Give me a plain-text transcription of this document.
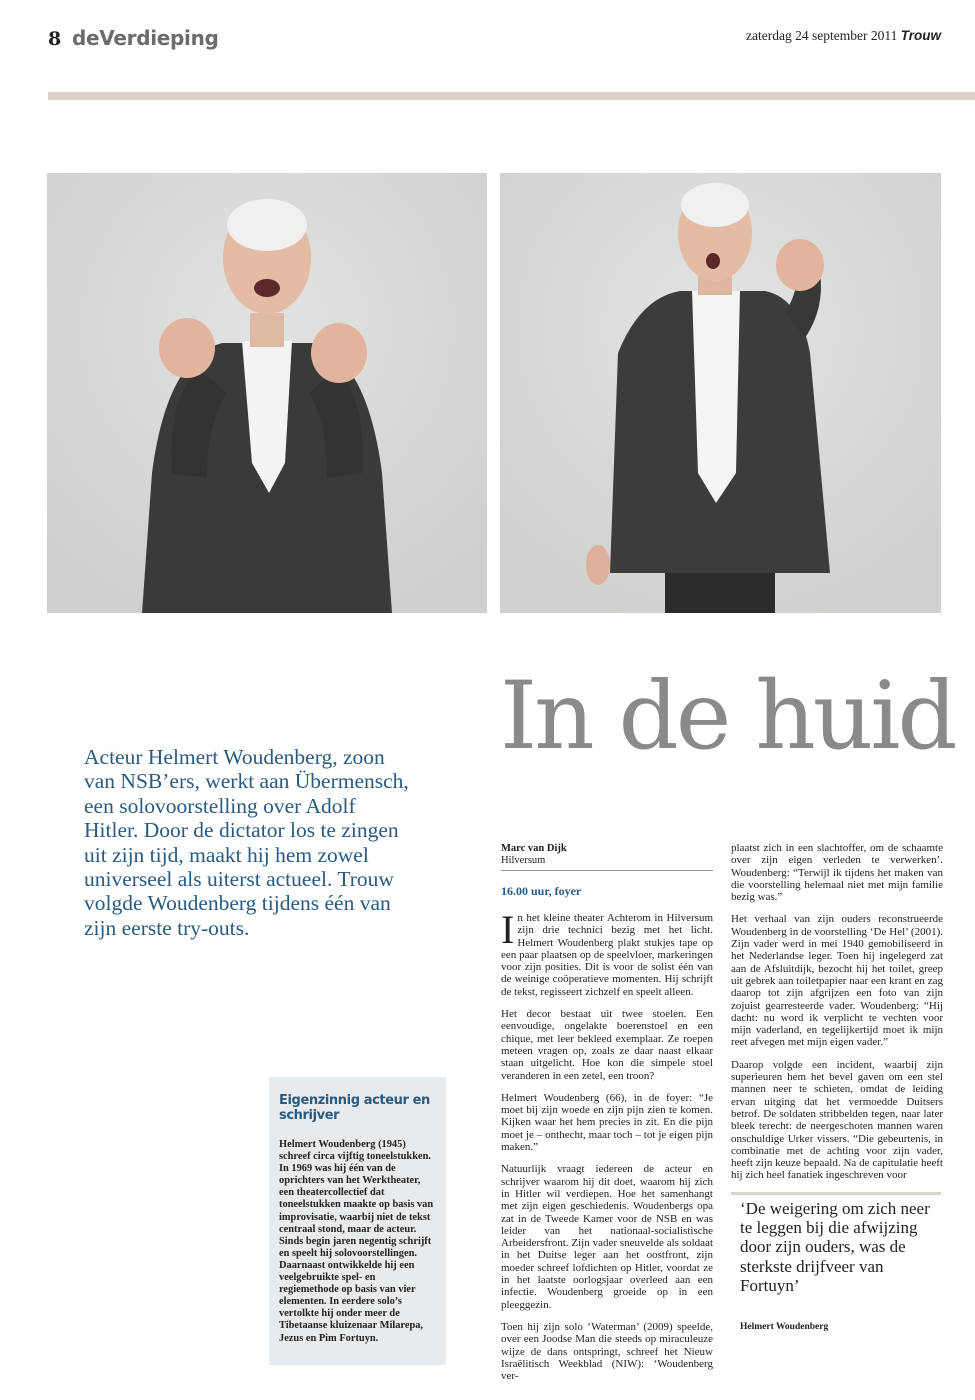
8 deVerdieping	zaterdag 24 september 2011 Trouw
In de huid
Acteur Helmert Woudenberg, zoon van NSB’ers, werkt aan Übermensch, een solovoorstelling over Adolf Hitler. Door de dictator los te zingen uit zijn tijd, maakt hij hem zowel universeel als uiterst actueel. Trouw volgde Woudenberg tijdens één van zijn eerste try-outs.
Marc van Dijk
Hilversum
16.00 uur, foyer

In het kleine theater Achterom in Hilversum zijn drie technici bezig met het licht. Helmert Woudenberg plakt stukjes tape op een paar plaatsen op de speelvloer, markeringen voor zijn posities. Dit is voor de solist één van de weinige coöperatieve momenten. Hij schrijft de tekst, regisseert zichzelf en speelt alleen.

Het decor bestaat uit twee stoelen. Een eenvoudige, ongelakte boerenstoel en een chique, met leer bekleed exemplaar. Ze roepen meteen vragen op, zoals ze daar naast elkaar staan uitgelicht. Hoe kon die simpele stoel veranderen in een zetel, een troon?

Helmert Woudenberg (66), in de foyer: “Je moet bij zijn woede en zijn pijn zien te komen. Kijken waar het hem precies in zit. En die pijn moet je – onthecht, maar toch – tot je eigen pijn maken.”

Natuurlijk vraagt iedereen de acteur en schrijver waarom hij dit doet, waarom hij zich in Hitler wil verdiepen. Hoe het samenhangt met zijn eigen geschiedenis. Woudenbergs opa zat in de Tweede Kamer voor de NSB en was leider van het nationaal-socialistische Arbeidersfront. Zijn vader sneuvelde als soldaat in het Duitse leger aan het oostfront, zijn moeder schreef lofdichten op Hitler, voordat ze in het laatste oorlogsjaar overleed aan een infectie. Woudenberg groeide op in een pleeggezin.

Toen hij zijn solo ‘Waterman’ (2009) speelde, over een Joodse Man die steeds op miraculeuze wijze de dans ontspringt, schreef het Nieuw Israëlitisch Weekblad (NIW): ‘Woudenberg ver-

plaatst zich in een slachtoffer, om de schaamte over zijn eigen verleden te verwerken’. Woudenberg: “Terwijl ik tijdens het maken van die voorstelling helemaal niet met mijn familie bezig was.”

Het verhaal van zijn ouders reconstrueerde Woudenberg in de voorstelling ‘De Hel’ (2001). Zijn vader werd in mei 1940 gemobiliseerd in het Nederlandse leger. Toen hij ingelegerd zat aan de Afsluitdijk, bezocht hij het toilet, greep uit gebrek aan toiletpapier naar een krant en zag daarop tot zijn afgrijzen een foto van zijn zojuist gearresteerde vader. Woudenberg: “Hij dacht: nu word ik verplicht te vechten voor mijn vaderland, en tegelijkertijd moet ik mijn reet afvegen met mijn eigen vader.”

Daarop volgde een incident, waarbij zijn superieuren hem het bevel gaven om een stel mannen neer te schieten, omdat de leiding ervan uitging dat het vermoedde Duitsers betrof. De soldaten stribbelden tegen, naar later bleek terecht: de neergeschoten mannen waren onschuldige Urker vissers. “Die gebeurtenis, in combinatie met de achting voor zijn vader, heeft zijn keuze bepaald. Na de capitulatie heeft hij zich heel fanatiek ingeschreven voor

Eigenzinnig acteur en schrijver
Helmert Woudenberg (1945) schreef circa vijftig toneelstukken. In 1969 was hij één van de oprichters van het Werktheater, een theatercollectief dat toneelstukken maakte op basis van improvisatie, waarbij niet de tekst centraal stond, maar de acteur. Sinds begin jaren negentig schrijft en speelt hij solovoorstellingen. Daarnaast ontwikkelde hij een veelgebruikte spel- en regiemethode op basis van vier elementen. In eerdere solo’s vertolkte hij onder meer de Tibetaanse kluizenaar Milarepa, Jezus en Pim Fortuyn.
‘De weigering om zich neer te leggen bij die afwijzing door zijn ouders, was de sterkste drijfveer van Fortuyn’
Helmert Woudenberg
